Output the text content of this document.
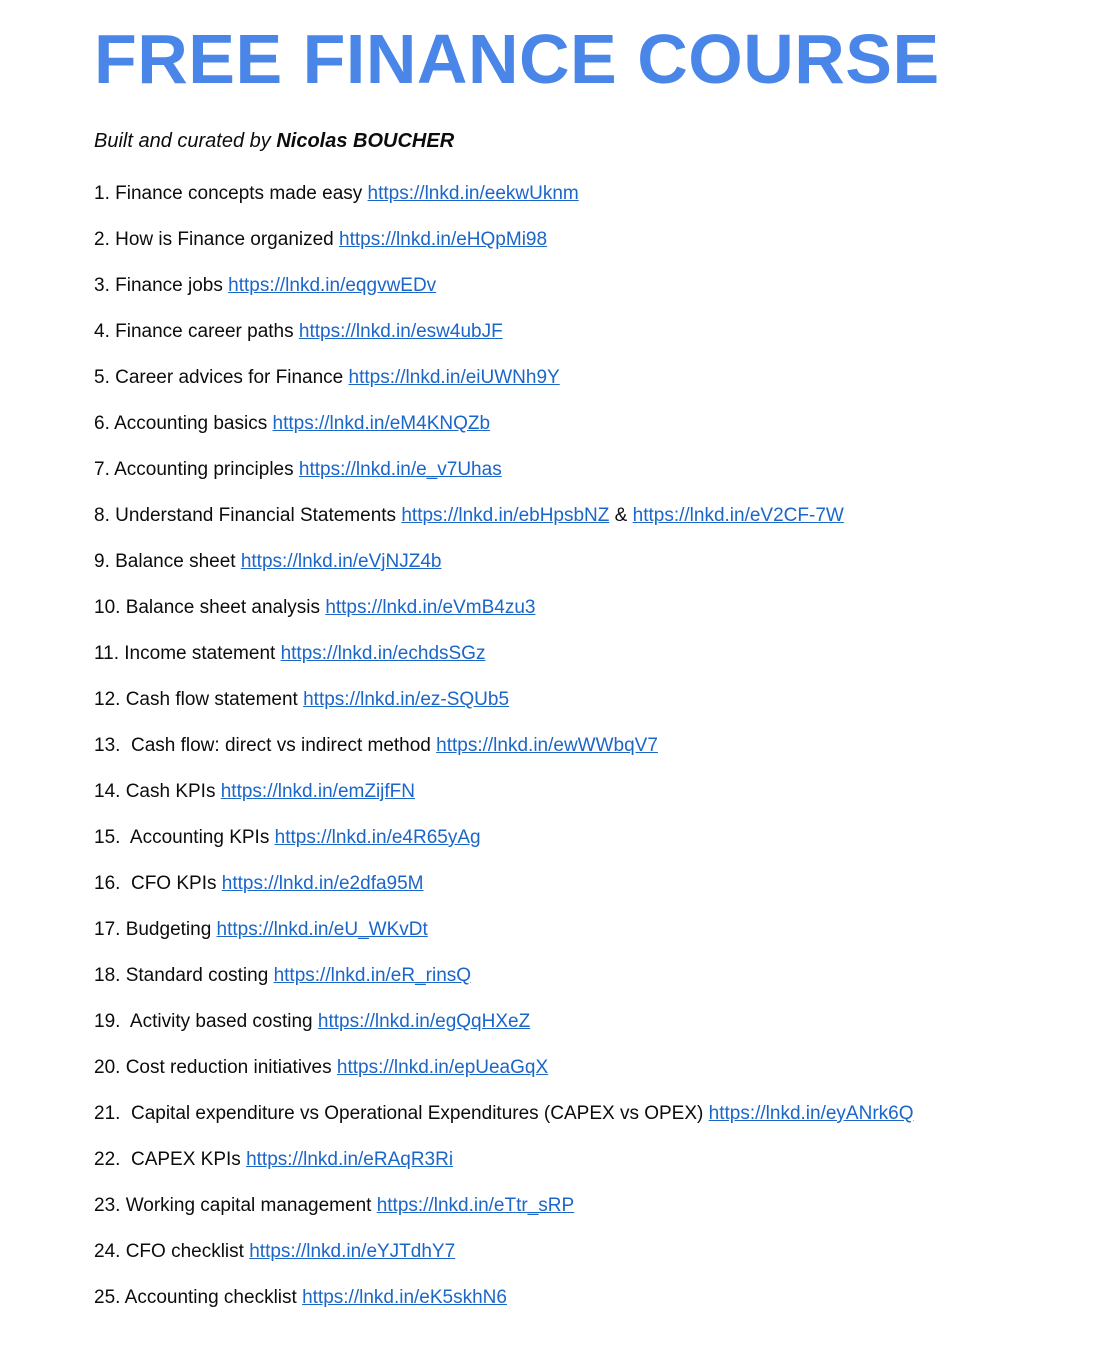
FREE FINANCE COURSE
Built and curated by Nicolas BOUCHER
1. Finance concepts made easy https://lnkd.in/eekwUknm
2. How is Finance organized https://lnkd.in/eHQpMi98
3. Finance jobs https://lnkd.in/eqgvwEDv
4. Finance career paths https://lnkd.in/esw4ubJF
5. Career advices for Finance https://lnkd.in/eiUWNh9Y
6. Accounting basics https://lnkd.in/eM4KNQZb
7. Accounting principles https://lnkd.in/e_v7Uhas
8. Understand Financial Statements https://lnkd.in/ebHpsbNZ & https://lnkd.in/eV2CF-7W
9. Balance sheet https://lnkd.in/eVjNJZ4b
10. Balance sheet analysis https://lnkd.in/eVmB4zu3
11. Income statement https://lnkd.in/echdsSGz
12. Cash flow statement https://lnkd.in/ez-SQUb5
13.  Cash flow: direct vs indirect method https://lnkd.in/ewWWbqV7
14. Cash KPIs https://lnkd.in/emZijfFN
15.  Accounting KPIs https://lnkd.in/e4R65yAg
16.  CFO KPIs https://lnkd.in/e2dfa95M
17. Budgeting https://lnkd.in/eU_WKvDt
18. Standard costing https://lnkd.in/eR_rinsQ
19.  Activity based costing https://lnkd.in/egQqHXeZ
20. Cost reduction initiatives https://lnkd.in/epUeaGqX
21.  Capital expenditure vs Operational Expenditures (CAPEX vs OPEX) https://lnkd.in/eyANrk6Q
22.  CAPEX KPIs https://lnkd.in/eRAqR3Ri
23. Working capital management https://lnkd.in/eTtr_sRP
24. CFO checklist https://lnkd.in/eYJTdhY7
25. Accounting checklist https://lnkd.in/eK5skhN6
